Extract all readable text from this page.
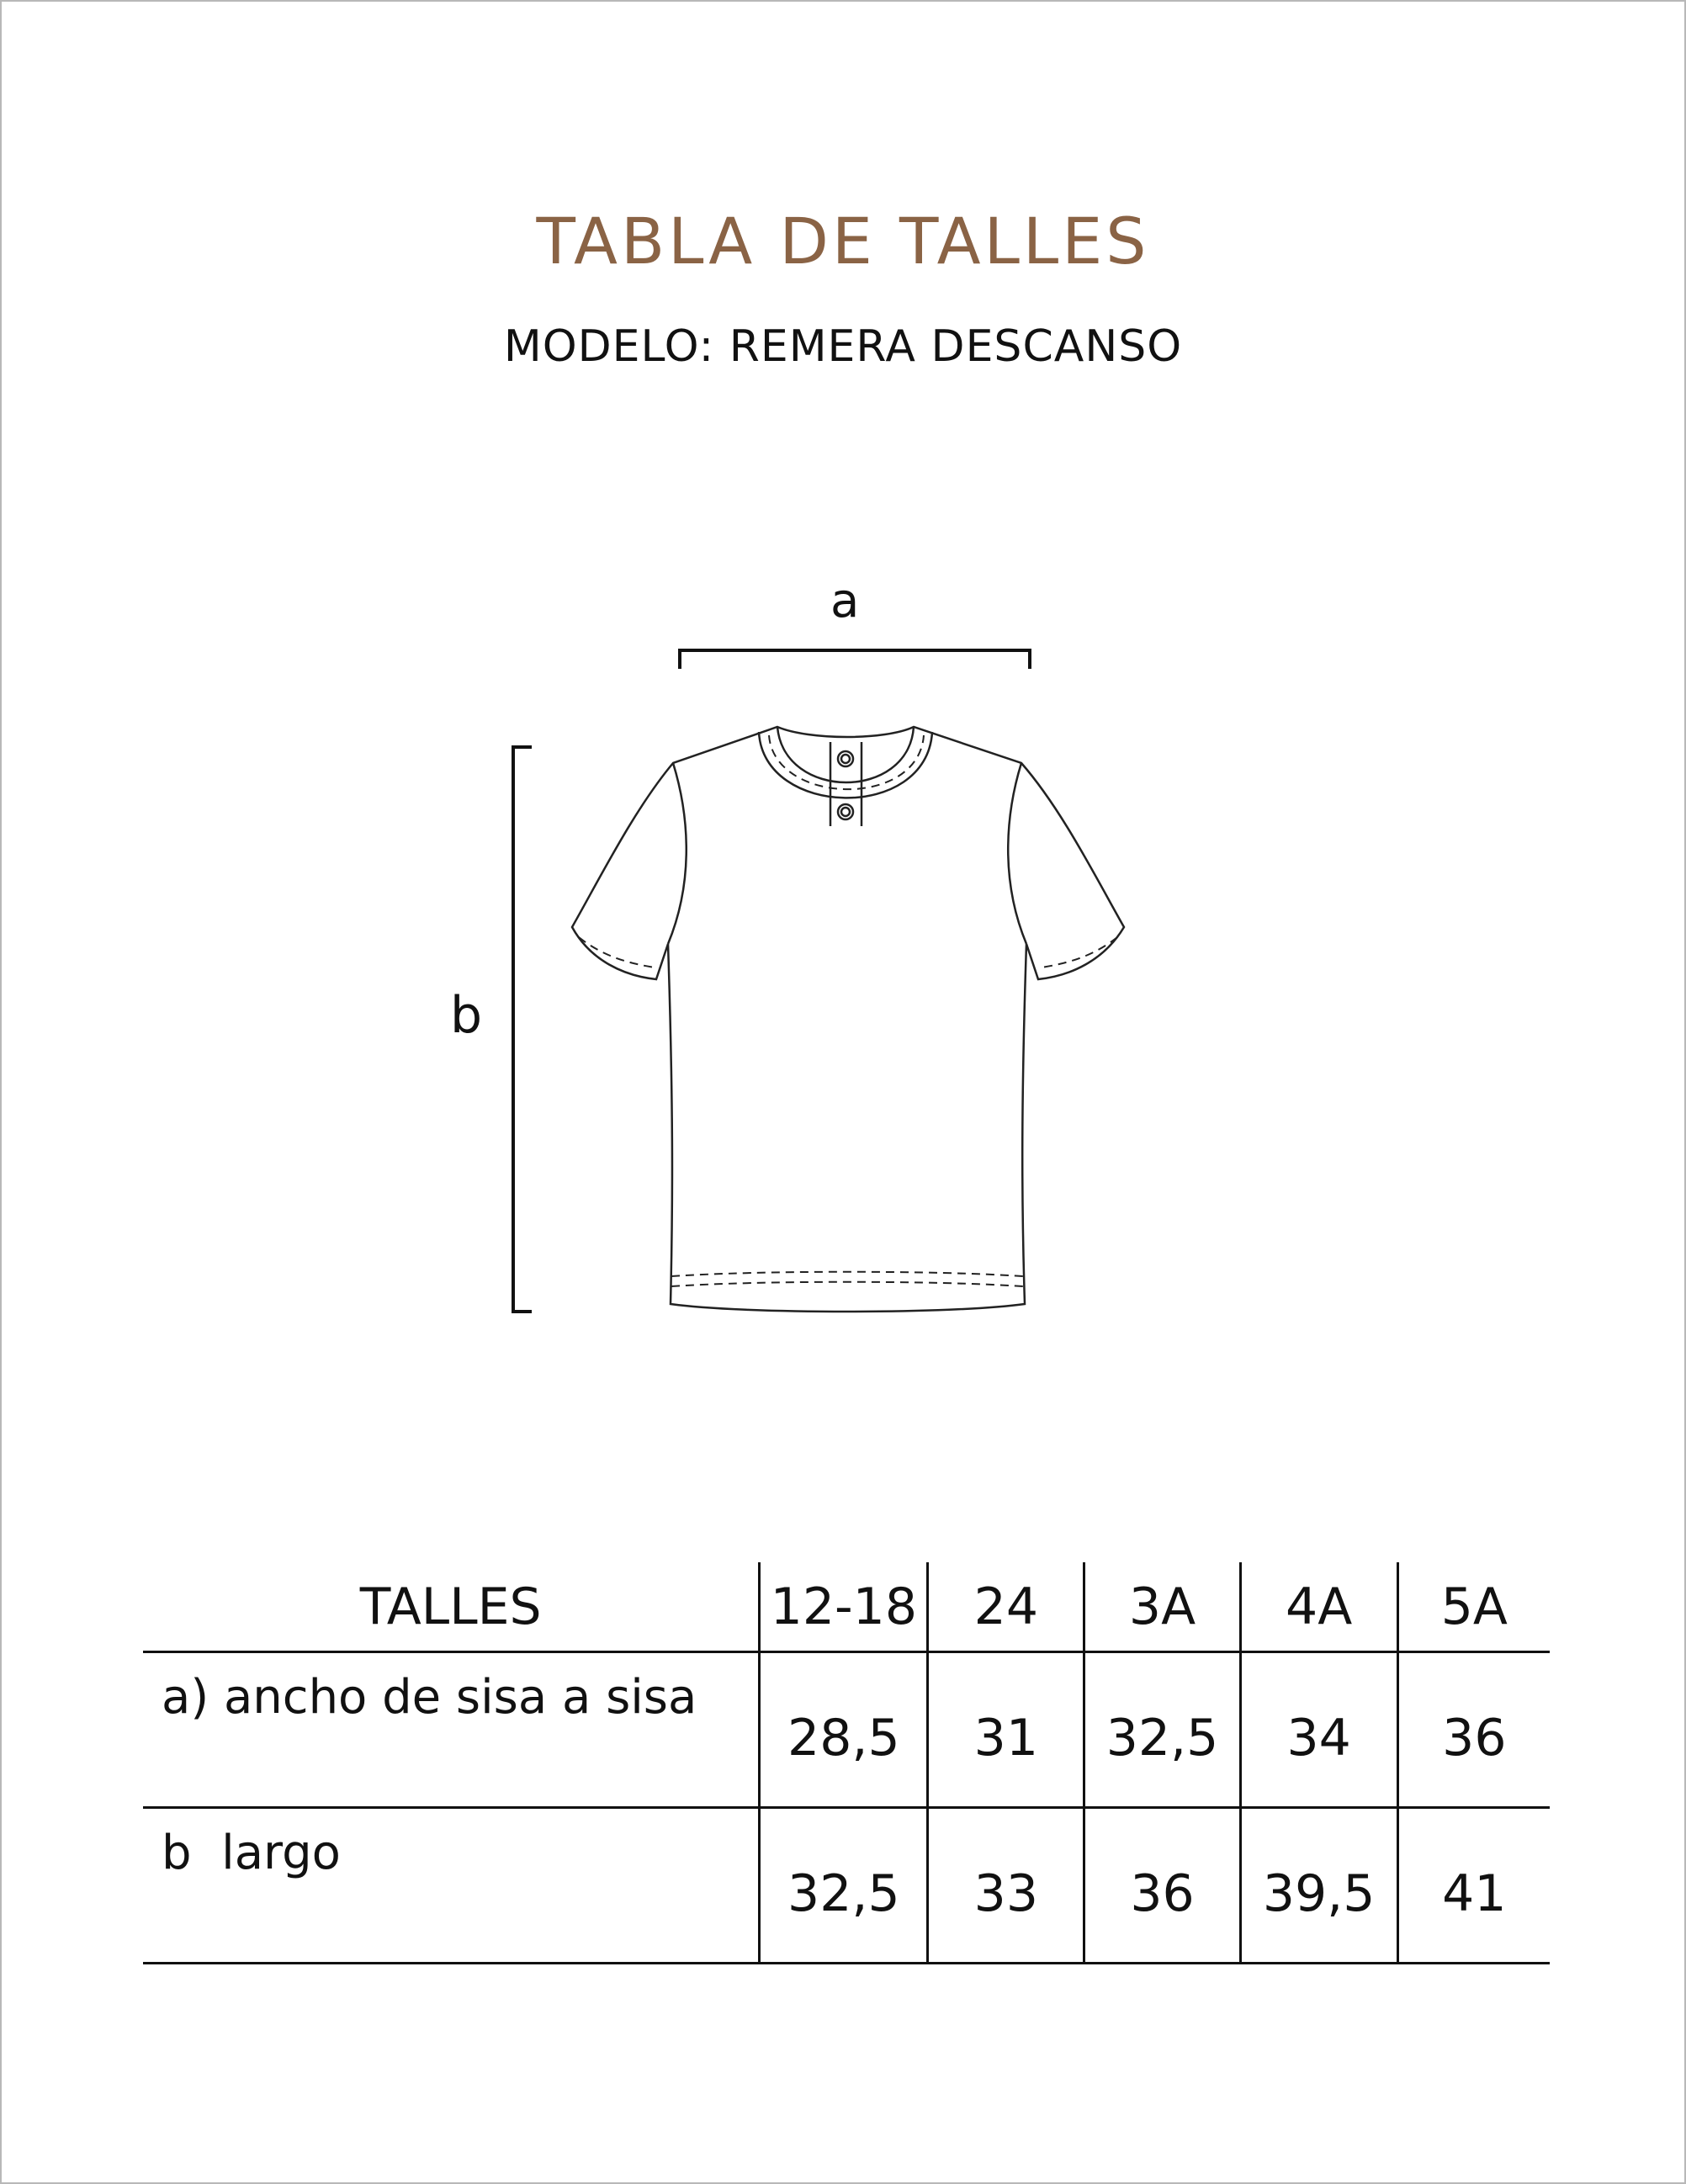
TABLA DE TALLES
MODELO: REMERA DESCANSO
a
b
TALLES	12-18	24	3A	4A	5A
a) ancho de sisa a sisa	28,5	31	32,5	34	36
b  largo	32,5	33	36	39,5	41
